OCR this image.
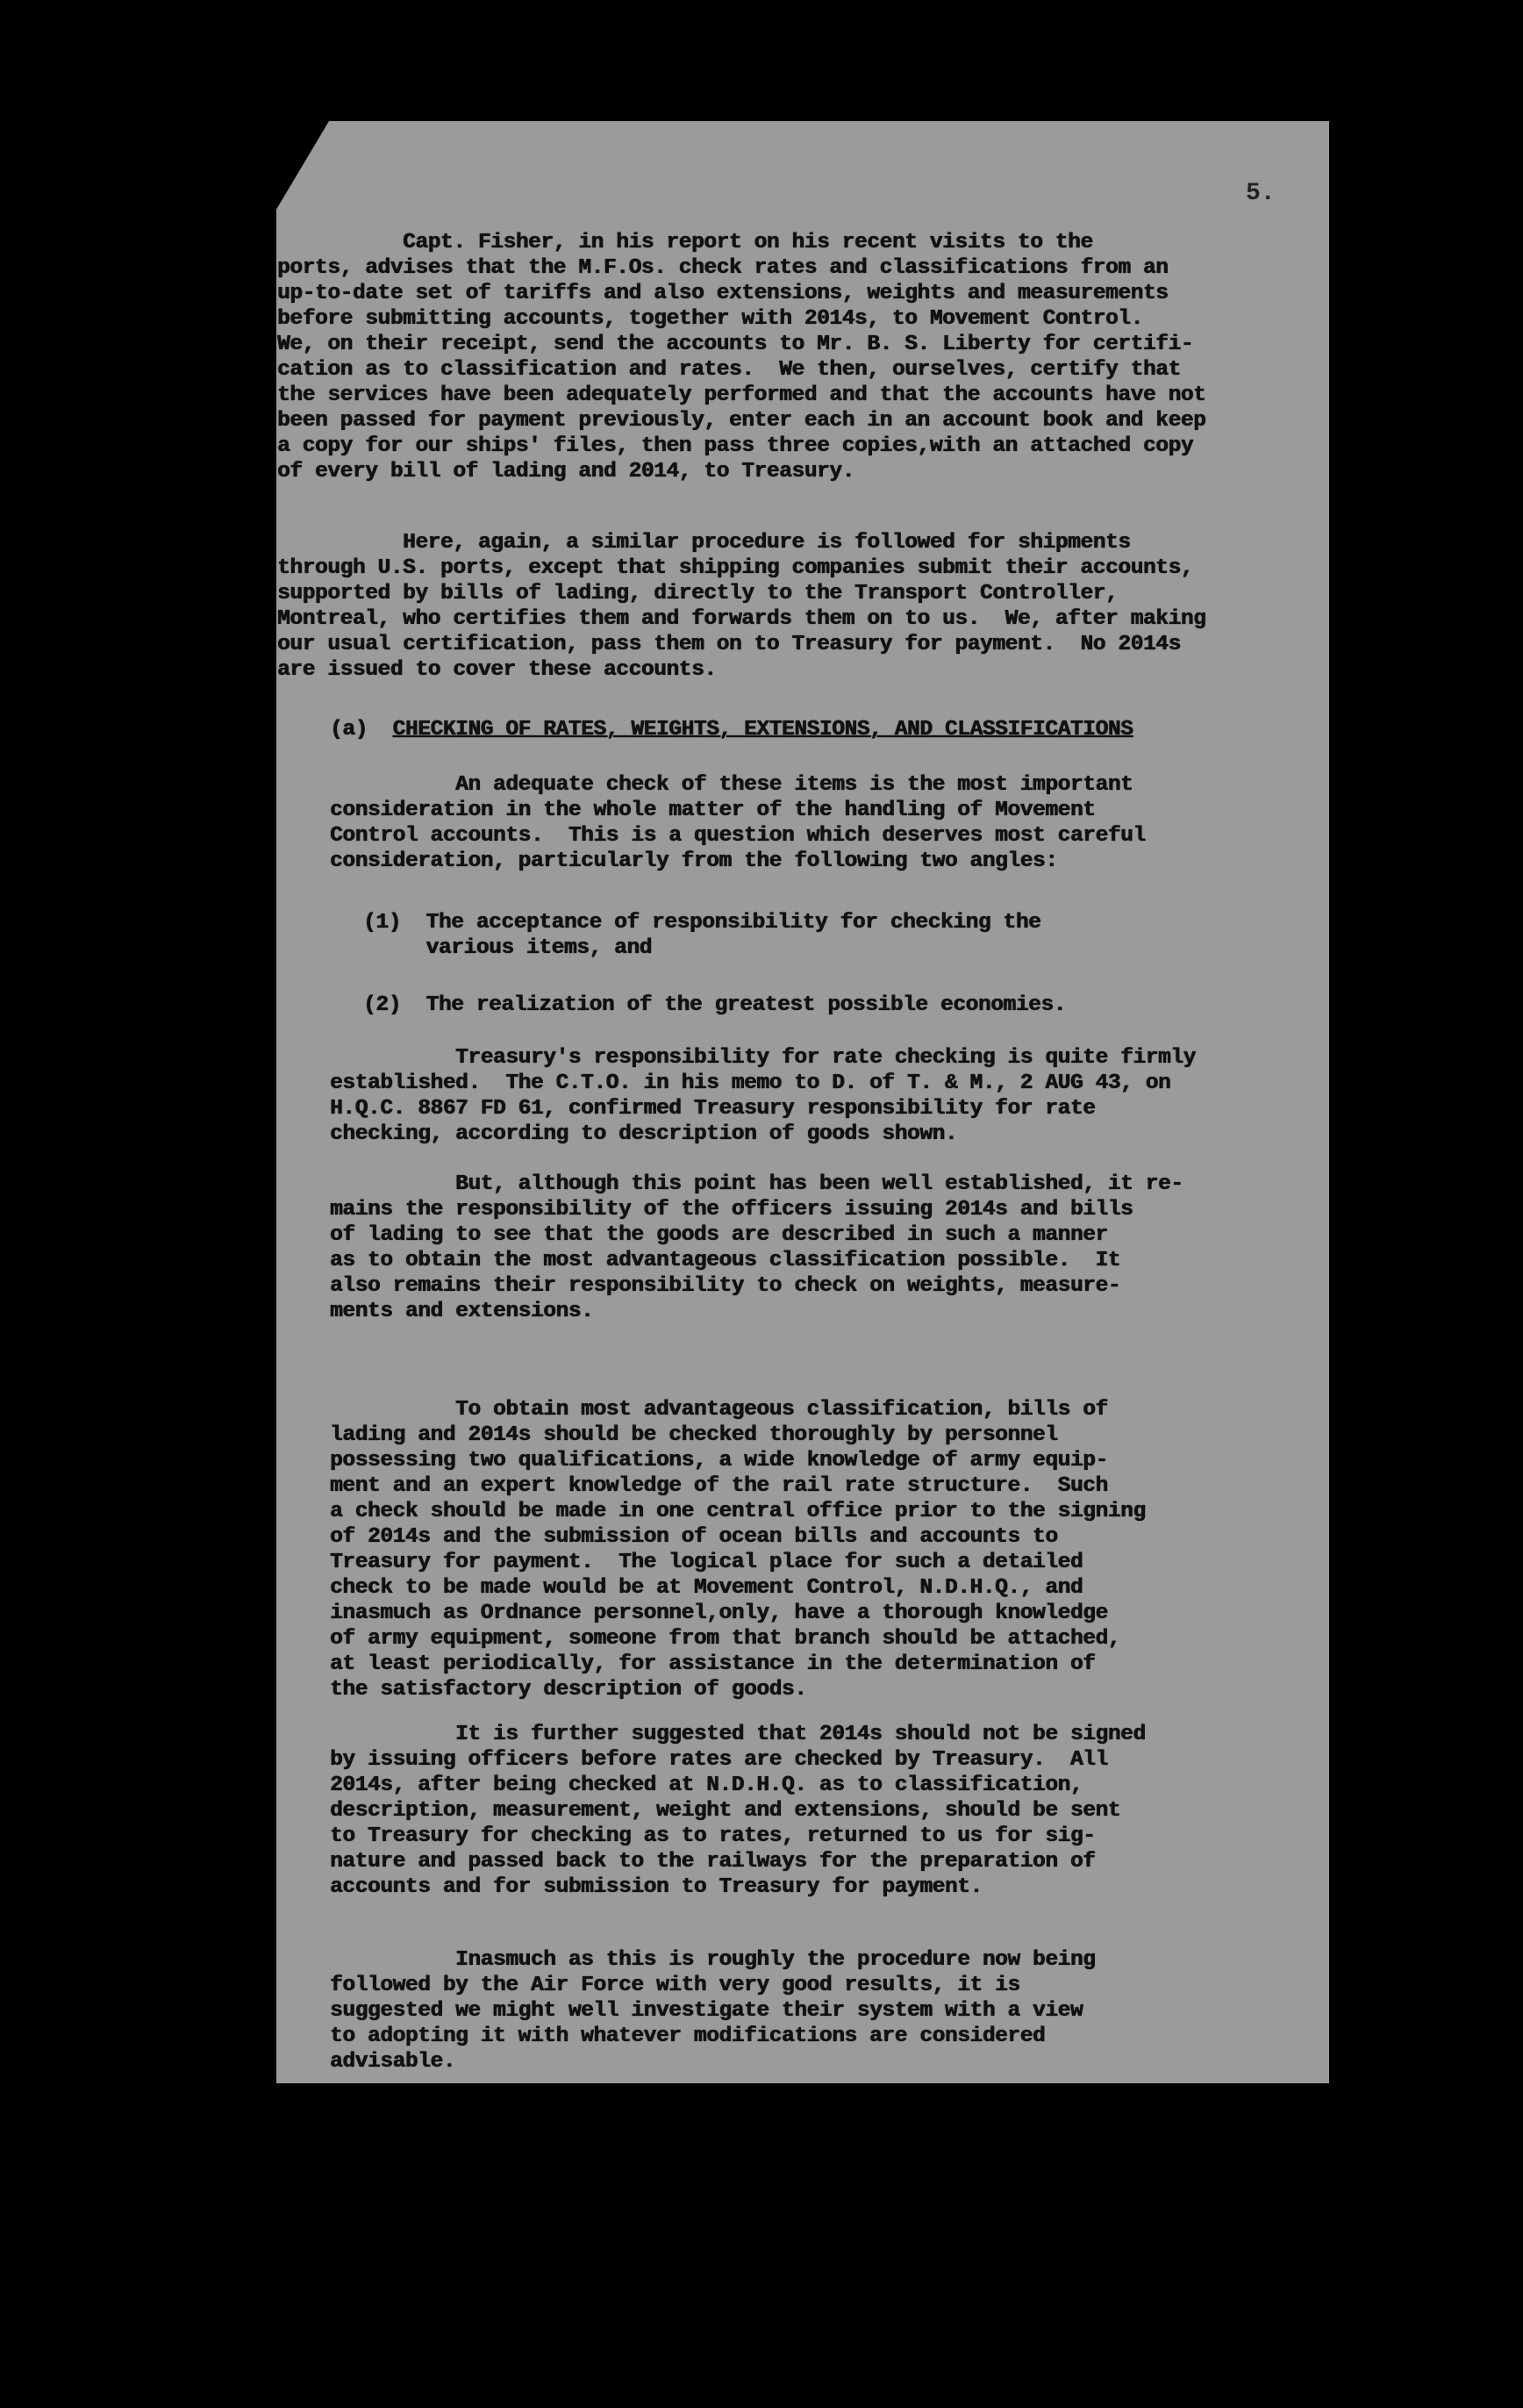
5.
Capt. Fisher, in his report on his recent visits to the
ports, advises that the M.F.Os. check rates and classifications from an
up-to-date set of tariffs and also extensions, weights and measurements
before submitting accounts, together with 2014s, to Movement Control.
We, on their receipt, send the accounts to Mr. B. S. Liberty for certifi-
cation as to classification and rates.  We then, ourselves, certify that
the services have been adequately performed and that the accounts have not
been passed for payment previously, enter each in an account book and keep
a copy for our ships' files, then pass three copies,with an attached copy
of every bill of lading and 2014, to Treasury.
Here, again, a similar procedure is followed for shipments
through U.S. ports, except that shipping companies submit their accounts,
supported by bills of lading, directly to the Transport Controller,
Montreal, who certifies them and forwards them on to us.  We, after making
our usual certification, pass them on to Treasury for payment.  No 2014s
are issued to cover these accounts.
(a) CHECKING OF RATES, WEIGHTS, EXTENSIONS, AND CLASSIFICATIONS
An adequate check of these items is the most important
consideration in the whole matter of the handling of Movement
Control accounts.  This is a question which deserves most careful
consideration, particularly from the following two angles:
(1)  The acceptance of responsibility for checking the
various items, and
(2)  The realization of the greatest possible economies.
Treasury's responsibility for rate checking is quite firmly
established.  The C.T.O. in his memo to D. of T. & M., 2 AUG 43, on
H.Q.C. 8867 FD 61, confirmed Treasury responsibility for rate
checking, according to description of goods shown.
But, although this point has been well established, it re-
mains the responsibility of the officers issuing 2014s and bills
of lading to see that the goods are described in such a manner
as to obtain the most advantageous classification possible.  It
also remains their responsibility to check on weights, measure-
ments and extensions.
To obtain most advantageous classification, bills of
lading and 2014s should be checked thoroughly by personnel
possessing two qualifications, a wide knowledge of army equip-
ment and an expert knowledge of the rail rate structure.  Such
a check should be made in one central office prior to the signing
of 2014s and the submission of ocean bills and accounts to
Treasury for payment.  The logical place for such a detailed
check to be made would be at Movement Control, N.D.H.Q., and
inasmuch as Ordnance personnel,only, have a thorough knowledge
of army equipment, someone from that branch should be attached,
at least periodically, for assistance in the determination of
the satisfactory description of goods.
It is further suggested that 2014s should not be signed
by issuing officers before rates are checked by Treasury.  All
2014s, after being checked at N.D.H.Q. as to classification,
description, measurement, weight and extensions, should be sent
to Treasury for checking as to rates, returned to us for sig-
nature and passed back to the railways for the preparation of
accounts and for submission to Treasury for payment.
Inasmuch as this is roughly the procedure now being
followed by the Air Force with very good results, it is
suggested we might well investigate their system with a view
to adopting it with whatever modifications are considered
advisable.
